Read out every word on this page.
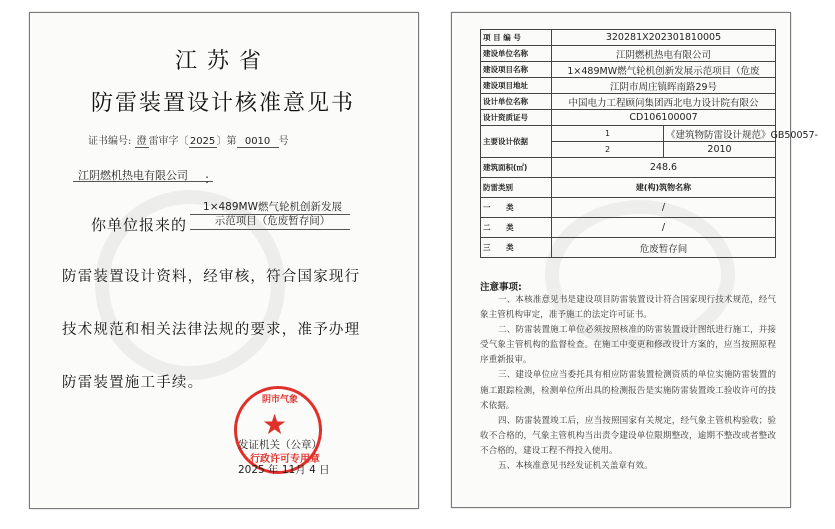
江苏省
防雷装置设计核准意见书
证书编号: 澄 雷审字〔2025〕第 0010 号
江阴燃机热电有限公司 :
你单位报来的
1×489MW燃气轮机创新发展示范项目（危废暂存间）
防雷装置设计资料，经审核，符合国家现行
技术规范和相关法律法规的要求，准予办理
防雷装置施工手续。
阴市气象
★
发证机关（公章）
行政许可专用章
2025 年 11月 4 日
项 目 编 号	320281X202301810005	
建设单位名称	江阴燃机热电有限公司	
建设项目名称	1×489MW燃气轮机创新发展示范项目（危废	
建设项目地址	江阴市周庄镇晖南路29号	
设计单位名称	中国电力工程顾问集团西北电力设计院有限公	
设计资质证号	CD106100007	
主要设计依据	1	《建筑物防雷设计规范》GB50057-
	2	2010
建筑面积(㎡)	248.6	
防雷类别	建(构)筑物名称	
一      类	/	
二      类	/	
三      类	危废暂存间	
注意事项:

一、本核准意见书是建设项目防雷装置设计符合国家现行技术规范，经气象主管机构审定，准予施工的法定许可证书。

二、防雷装置施工单位必须按照核准的防雷装置设计图纸进行施工，并接受气象主管机构的监督检查。在施工中变更和修改设计方案的，应当按照原程序重新报审。

三、建设单位应当委托具有相应防雷装置检测资质的单位实施防雷装置的施工跟踪检测，检测单位所出具的检测报告是实施防雷装置竣工验收许可的技术依据。

四、防雷装置竣工后，应当按照国家有关规定，经气象主管机构验收；验收不合格的，气象主管机构当出责令建设单位限期整改，逾期不整改或者整改不合格的，建设工程不得投入使用。

五、本核准意见书经发证机关盖章有效。
